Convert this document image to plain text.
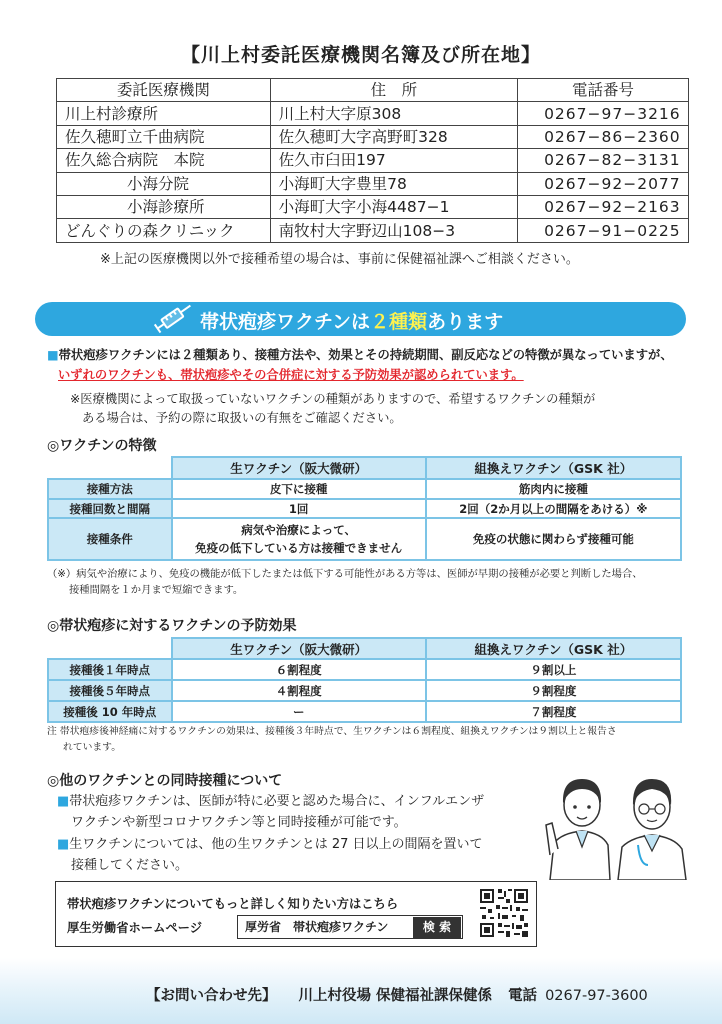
【川上村委託医療機関名簿及び所在地】
委託医療機関	住　所	電話番号
川上村診療所	川上村大字原308	0267−97−3216
佐久穂町立千曲病院	佐久穂町大字高野町328	0267−86−2360
佐久総合病院　本院	佐久市臼田197	0267−82−3131
小海分院	小海町大字豊里78	0267−92−2077
小海診療所	小海町大字小海4487−1	0267−92−2163
どんぐりの森クリニック	南牧村大字野辺山108−3	0267−91−0225
※上記の医療機関以外で接種希望の場合は、事前に保健福祉課へご相談ください。
帯状疱疹ワクチンは２種類あります
■帯状疱疹ワクチンには２種類あり、接種方法や、効果とその持続期間、副反応などの特徴が異なっていますが、
いずれのワクチンも、帯状疱疹やその合併症に対する予防効果が認められています。
※医療機関によって取扱っていないワクチンの種類がありますので、希望するワクチンの種類が
ある場合は、予約の際に取扱いの有無をご確認ください。
◎ワクチンの特徴
	生ワクチン（阪大微研）	組換えワクチン（GSK 社）
接種方法	皮下に接種	筋肉内に接種
接種回数と間隔	1回	2回（2か月以上の間隔をあける）※
接種条件	病気や治療によって、
免疫の低下している方は接種できません	免疫の状態に関わらず接種可能
（※）病気や治療により、免疫の機能が低下したまたは低下する可能性がある方等は、医師が早期の接種が必要と判断した場合、
接種間隔を１か月まで短縮できます。
◎帯状疱疹に対するワクチンの予防効果
	生ワクチン（阪大微研）	組換えワクチン（GSK 社）
接種後１年時点	６割程度	９割以上
接種後５年時点	４割程度	９割程度
接種後 10 年時点	ー	７割程度
注 帯状疱疹後神経痛に対するワクチンの効果は、接種後３年時点で、生ワクチンは６割程度、組換えワクチンは９割以上と報告さ
れています。
◎他のワクチンとの同時接種について
■帯状疱疹ワクチンは、医師が特に必要と認めた場合に、インフルエンザ
ワクチンや新型コロナワクチン等と同時接種が可能です。
■生ワクチンについては、他の生ワクチンとは 27 日以上の間隔を置いて
接種してください。
帯状疱疹ワクチンについてもっと詳しく知りたい方はこちら
厚生労働省ホームページ	厚労省　帯状疱疹ワクチン	検 索
【お問い合わせ先】 川上村役場 保健福祉課保健係 電話 0267-97-3600
